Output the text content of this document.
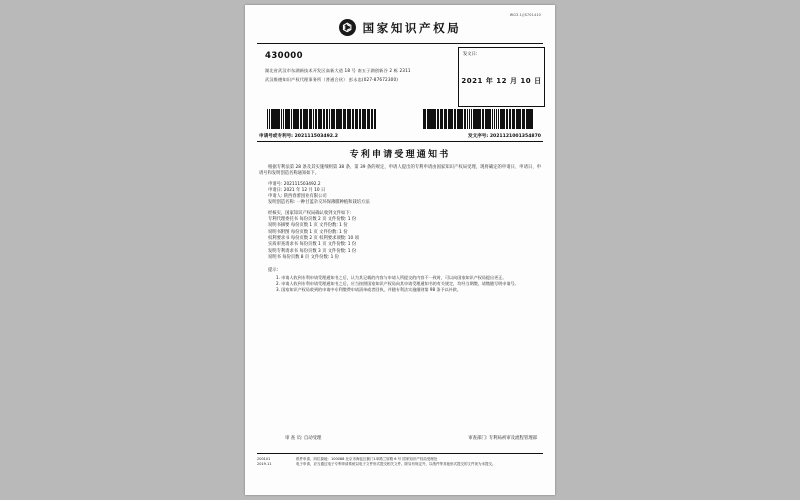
WG3.1/JS701410
⌬ 国家知识产权局
430000
湖北省武汉市东湖新技术开发区高新大道 18 号 南五子湖创新谷 2 栋 2311
武汉维德知识产权代理事务所（普通合伙） 彭永忠(027-87672300)
发文日:
2021 年 12 月 10 日
申请号或专利号: 202111503492.2	发文序号: 2021121001354870
专利申请受理通知书
根据专利法第 28 条及其实施细则第 38 条、第 39 条的规定，申请人提出的专利申请由国家知识产权局受理，现将确定的申请日、申请日、申请号和发明创造名称通知如下。
申请号: 202111503492.2
申请日: 2021 年 12 月 10 日
申请人: 陕西春蕾园业有限公司
发明创造名称: 一种甘蓝杂交环保薄膜种植和栽培方法
经核实，国家知识产权局确认收到文件如下:
专利代理委托书 每份页数 2 页 文件份数: 1 份
说明书摘要 每份页数 1 页 文件份数: 1 份
说明书附图 每份页数 1 页 文件份数: 1 份
权利要求书 每份页数 2 页 权利要求项数: 10 项
实质审查请求书 每份页数 1 页 文件份数: 1 份
发明专利请求书 每份页数 3 页 文件份数: 1 份
说明书 每份页数 8 页 文件份数: 1 份
提示:
1. 申请人收到专利申请受理通知书之后，认为其记载的内容与申请人所提交的内容不一致时，可以向国家知识产权局提出更正。
2. 申请人收到专利申请受理通知书之后，应当按照国家知识产权局向其申请受理通知书的有关规定，均经当期缴，请缴随写明申请号。
3. 国家知识产权局收到的申请中专利缴费申请清单或者回执，并随专利法实施细则第 98 条予以补救。
审 查 员: 自动受理	审查部门: 专利局初审及流程管理部
200101
2019.11
纸件申请，四位源地：100088 北京市海淀区蓟门1单路兰屏路 6 号 国家知识产权局受理处
电子申请，应当通过电子专利申请系统以电子文件形式提交相关文件。除另有规定外，以纸件等其他形式提交的文件视为未提交。
